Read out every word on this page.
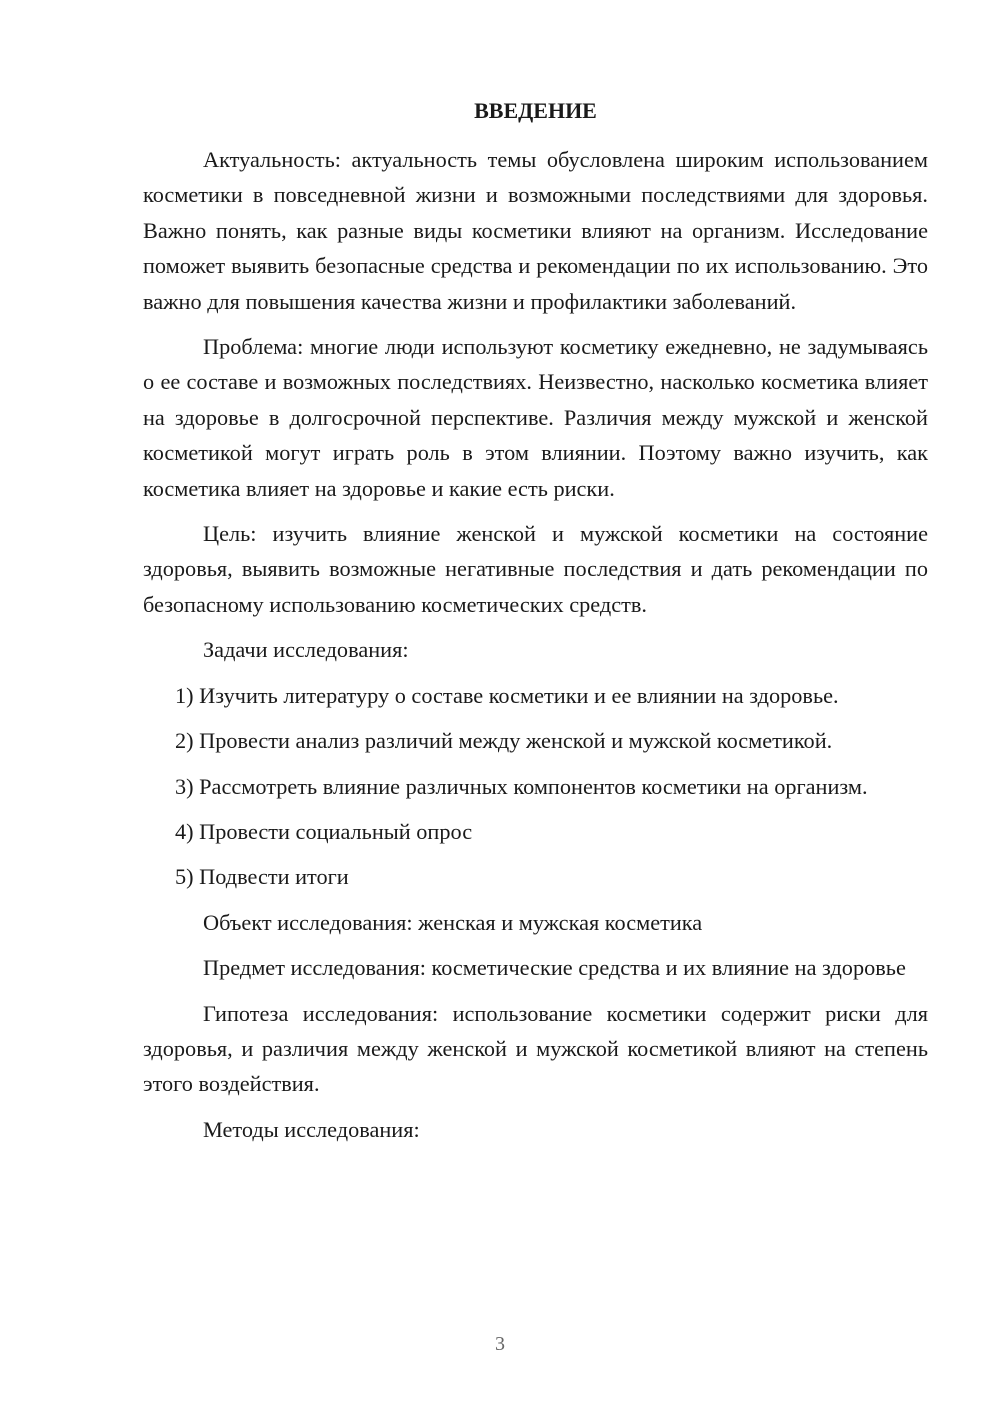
ВВЕДЕНИЕ

Актуальность: актуальность темы обусловлена широким использованием косметики в повседневной жизни и возможными последствиями для здоровья. Важно понять, как разные виды косметики влияют на организм. Исследование поможет выявить безопасные средства и рекомендации по их использованию. Это важно для повышения качества жизни и профилактики заболеваний.

Проблема: многие люди используют косметику ежедневно, не задумываясь о ее составе и возможных последствиях. Неизвестно, насколько косметика влияет на здоровье в долгосрочной перспективе. Различия между мужской и женской косметикой могут играть роль в этом влиянии. Поэтому важно изучить, как косметика влияет на здоровье и какие есть риски.

Цель: изучить влияние женской и мужской косметики на состояние здоровья, выявить возможные негативные последствия и дать рекомендации по безопасному использованию косметических средств.

Задачи исследования:

1) Изучить литературу о составе косметики и ее влиянии на здоровье.

2) Провести анализ различий между женской и мужской косметикой.

3) Рассмотреть влияние различных компонентов косметики на организм.

4) Провести социальный опрос

5) Подвести итоги

Объект исследования: женская и мужская косметика

Предмет исследования: косметические средства и их влияние на здоровье

Гипотеза исследования: использование косметики содержит риски для здоровья, и различия между женской и мужской косметикой влияют на степень этого воздействия.

Методы исследования:

3
